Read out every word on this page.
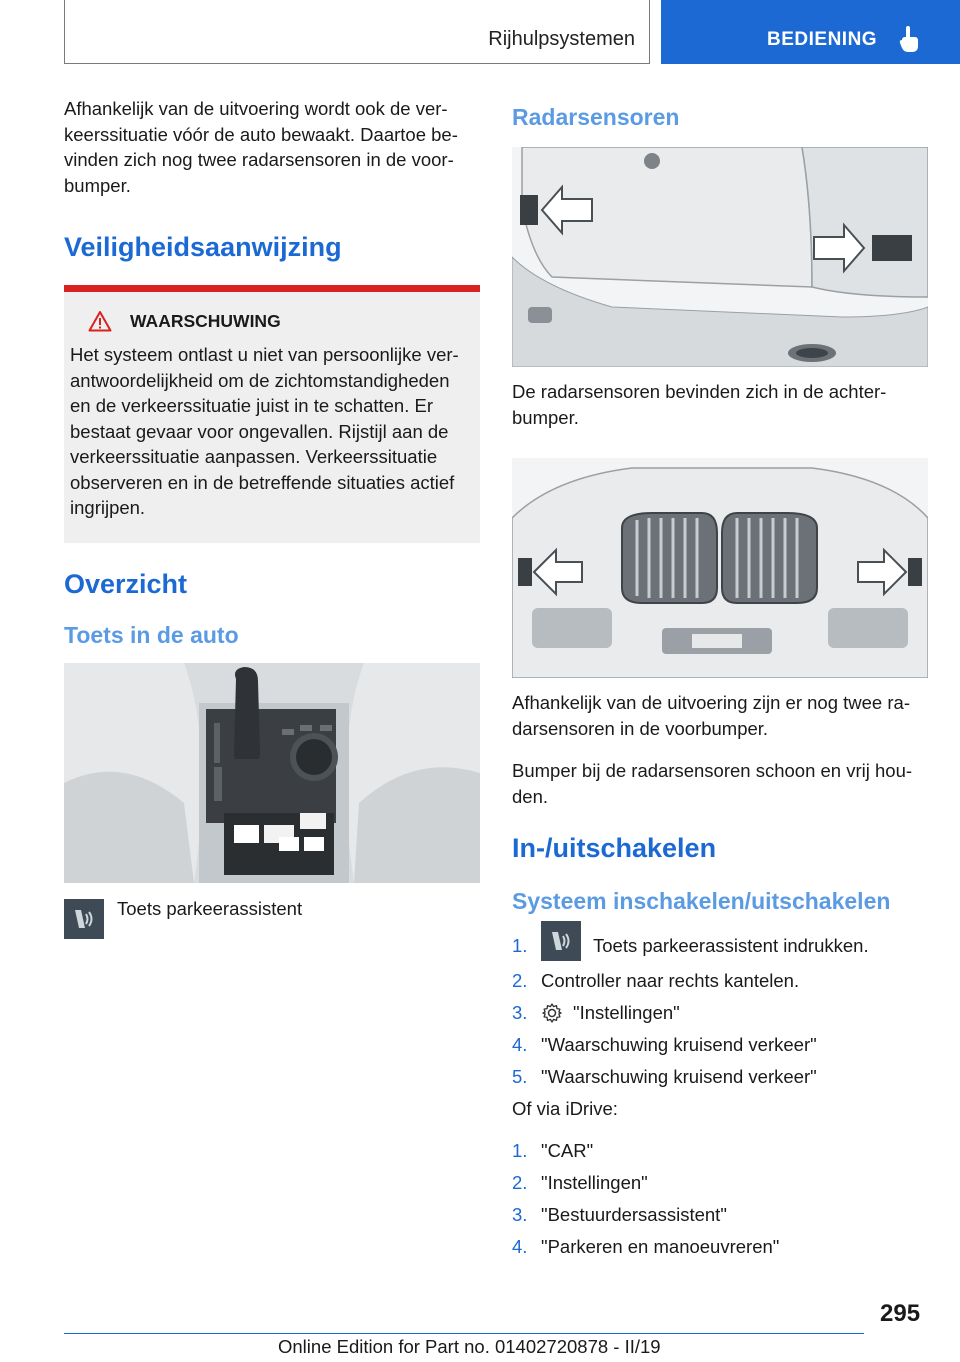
Rijhulpsystemen	BEDIENING

Afhankelijk van de uitvoering wordt ook de verkeerssituatie vóór de auto bewaakt. Daartoe bevinden zich nog twee radarsensoren in de voorbumper.

Veiligheidsaanwijzing
WAARSCHUWING

Het systeem ontlast u niet van persoonlijke verantwoordelijkheid om de zichtomstandigheden en de verkeerssituatie juist in te schatten. Er bestaat gevaar voor ongevallen. Rijstijl aan de verkeerssituatie aanpassen. Verkeerssituatie observeren en in de betreffende situaties actief ingrijpen.

Overzicht
Toets in de auto
Toets parkeerassistent
Radarsensoren

De radarsensoren bevinden zich in de achterbumper.

Afhankelijk van de uitvoering zijn er nog twee radarsensoren in de voorbumper.

Bumper bij de radarsensoren schoon en vrij houden.

In-/uitschakelen
Systeem inschakelen/uitschakelen
1.	Toets parkeerassistent indrukken.
2. Controller naar rechts kantelen.
3.	"Instellingen"
4. "Waarschuwing kruisend verkeer"
5. "Waarschuwing kruisend verkeer"

Of via iDrive:

1. "CAR"
2. "Instellingen"
3. "Bestuurdersassistent"
4. "Parkeren en manoeuvreren"
295
Online Edition for Part no. 01402720878 - II/19
